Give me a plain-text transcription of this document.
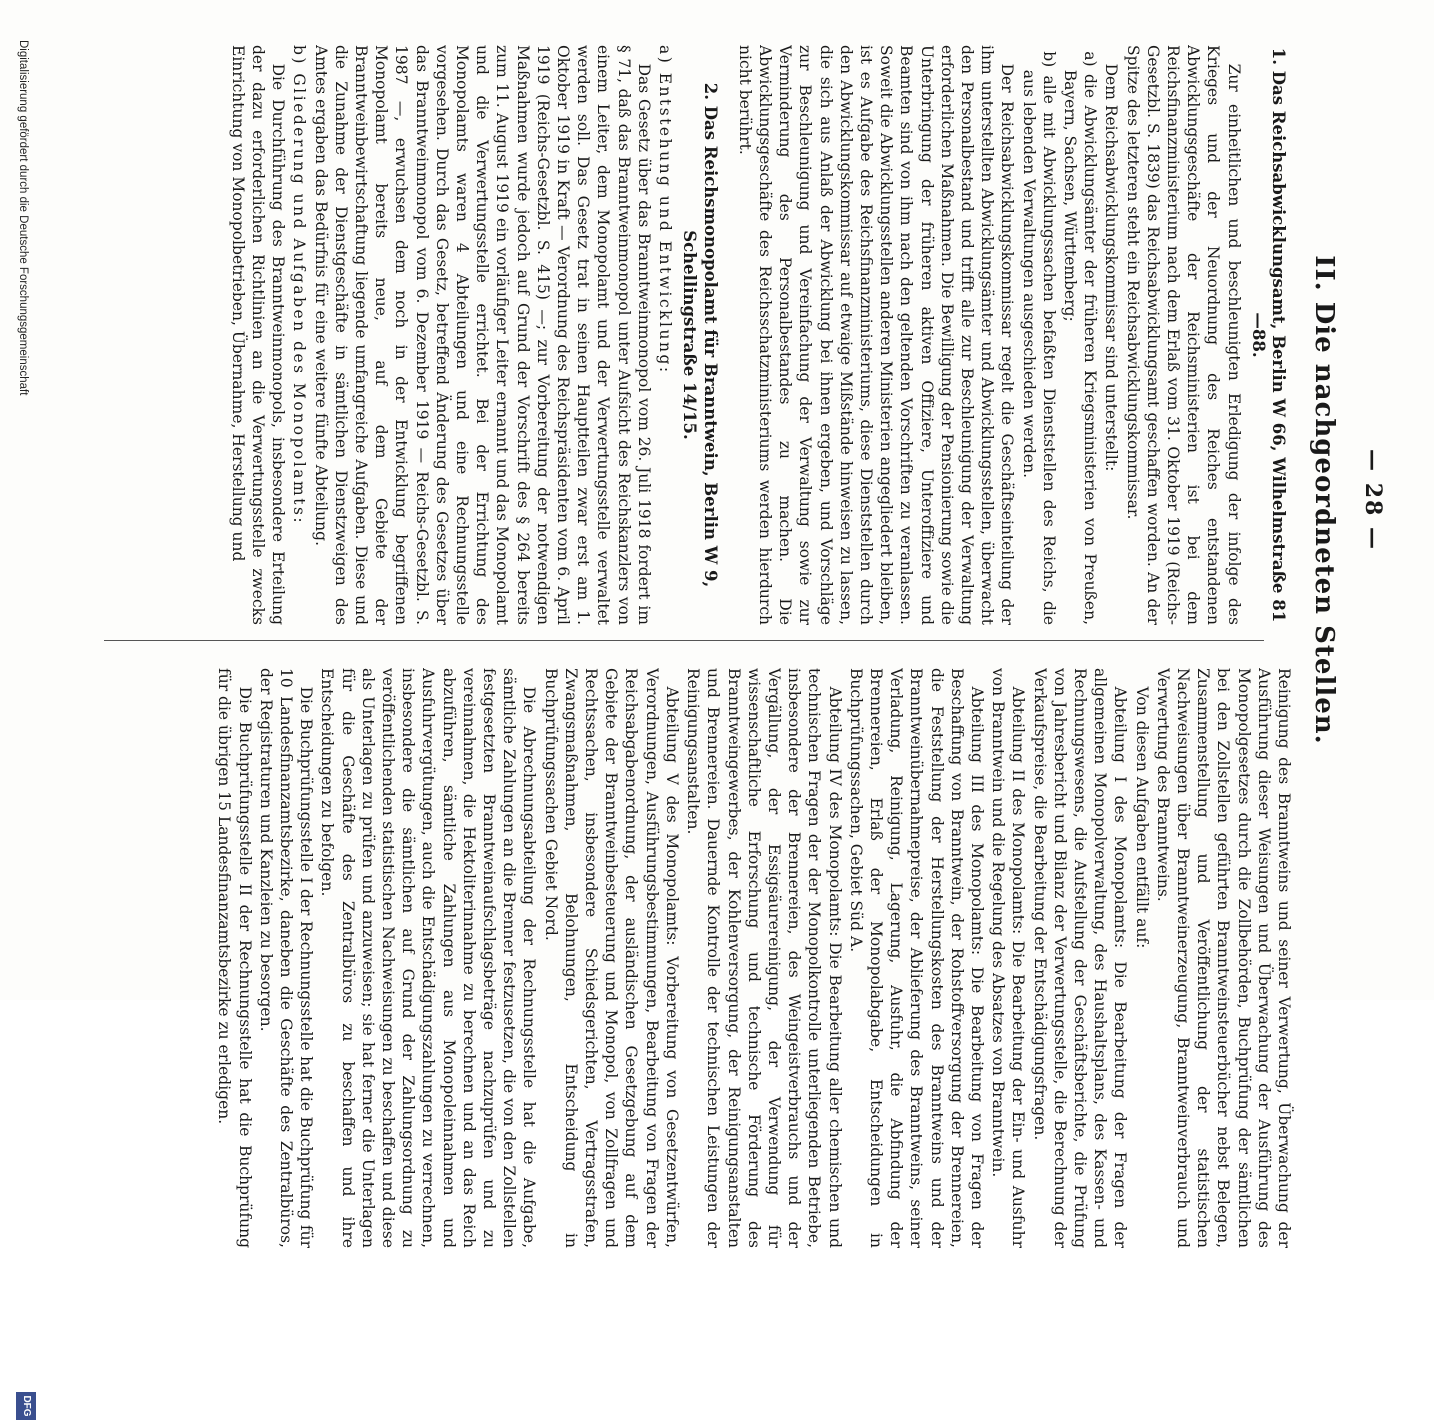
— 28 —
II. Die nachgeordneten Stellen.
1. Das Reichsabwicklungsamt, Berlin W 66, Wilhelmstraße 81—88.

Zur einheitlichen und beschleunigten Erledigung der infolge des Krieges und der Neuordnung des Reiches entstandenen Abwicklungsgeschäfte der Reichsministerien ist bei dem Reichsfinanzministerium nach dem Erlaß vom 31. Oktober 1919 (Reichs-Gesetzbl. S. 1839) das Reichsabwicklungsamt geschaffen worden. An der Spitze des letzteren steht ein Reichsabwicklungskommissar.

Dem Reichsabwicklungskommissar sind unterstellt:

a) die Abwicklungsämter der früheren Kriegsministerien von Preußen, Bayern, Sachsen, Württemberg;

b) alle mit Abwicklungssachen befaßten Dienststellen des Reichs, die aus lebenden Verwaltungen ausgeschieden werden.

Der Reichsabwicklungskommissar regelt die Geschäftseinteilung der ihm unterstellten Abwicklungsämter und Abwicklungsstellen, überwacht den Personalbestand und trifft alle zur Beschleunigung der Verwaltung erforderlichen Maßnahmen. Die Bewilligung der Pensionierung sowie die Unterbringung der früheren aktiven Offiziere, Unteroffiziere und Beamten sind von ihm nach den geltenden Vorschriften zu veranlassen. Soweit die Abwicklungsstellen anderen Ministerien angegliedert bleiben, ist es Aufgabe des Reichsfinanzministeriums, diese Dienststellen durch den Abwicklungskommissar auf etwaige Mißstände hinweisen zu lassen, die sich aus Anlaß der Abwicklung bei ihnen ergeben, und Vorschläge zur Beschleunigung und Vereinfachung der Verwaltung sowie zur Verminderung des Personalbestandes zu machen. Die Abwicklungsgeschäfte des Reichsschatzministeriums werden hierdurch nicht berührt.

2. Das Reichsmonopolamt für Branntwein, Berlin W 9, Schellingstraße 14/15.

a) Entstehung und Entwicklung:

Das Gesetz über das Branntweinmonopol vom 26. Juli 1918 fordert im § 71, daß das Branntweinmonopol unter Aufsicht des Reichskanzlers von einem Leiter, dem Monopolamt und der Verwertungsstelle verwaltet werden soll. Das Gesetz trat in seinen Hauptteilen zwar erst am 1. Oktober 1919 in Kraft — Verordnung des Reichspräsidenten vom 6. April 1919 (Reichs-Gesetzbl. S. 415) —; zur Vorbereitung der notwendigen Maßnahmen wurde jedoch auf Grund der Vorschrift des § 264 bereits zum 11. August 1919 ein vorläufiger Leiter ernannt und das Monopolamt und die Verwertungsstelle errichtet. Bei der Errichtung des Monopolamts waren 4 Abteilungen und eine Rechnungsstelle vorgesehen. Durch das Gesetz, betreffend Änderung des Gesetzes über das Branntweinmonopol vom 6. Dezember 1919 — Reichs-Gesetzbl. S. 1987 —, erwuchsen dem noch in der Entwicklung begriffenen Monopolamt bereits neue, auf dem Gebiete der Branntweinbewirtschaftung liegende umfangreiche Aufgaben. Diese und die Zunahme der Dienstgeschäfte in sämtlichen Dienstzweigen des Amtes ergaben das Bedürfnis für eine weitere fünfte Abteilung.

b) Gliederung und Aufgaben des Monopolamts:

Die Durchführung des Branntweinmonopols, insbesondere Erteilung der dazu erforderlichen Richtlinien an die Verwertungsstelle zwecks Einrichtung von Monopolbetrieben, Übernahme, Herstellung und

Reinigung des Branntweins und seiner Verwertung, Überwachung der Ausführung dieser Weisungen und Überwachung der Ausführung des Monopolgesetzes durch die Zollbehörden, Buchprüfung der sämtlichen bei den Zollstellen geführten Branntweinsteuerbücher nebst Belegen, Zusammenstellung und Veröffentlichung der statistischen Nachweisungen über Branntweinerzeugung, Branntweinverbrauch und Verwertung des Branntweins.

Von diesen Aufgaben entfällt auf:

Abteilung I des Monopolamts: Die Bearbeitung der Fragen der allgemeinen Monopolverwaltung, des Haushaltsplans, des Kassen- und Rechnungswesens, die Aufstellung der Geschäftsberichte, die Prüfung von Jahresbericht und Bilanz der Verwertungsstelle, die Berechnung der Verkaufspreise, die Bearbeitung der Entschädigungsfragen.

Abteilung II des Monopolamts: Die Bearbeitung der Ein- und Ausfuhr von Branntwein und die Regelung des Absatzes von Branntwein.

Abteilung III des Monopolamts: Die Bearbeitung von Fragen der Beschaffung von Branntwein, der Rohstoffversorgung der Brennereien, die Feststellung der Herstellungskosten des Branntweins und der Branntweinübernahmepreise, der Ablieferung des Branntweins, seiner Verladung, Reinigung, Lagerung, Ausfuhr, die Abfindung der Brennereien, Erlaß der Monopolabgabe, Entscheidungen in Buchprüfungssachen, Gebiet Süd A.

Abteilung IV des Monopolamts: Die Bearbeitung aller chemischen und technischen Fragen der der Monopolkontrolle unterliegenden Betriebe, insbesondere der Brennereien, des Weingeistverbrauchs und der Vergällung, der Essigsäurereinigung, der Verwendung für wissenschaftliche Erforschung und technische Förderung des Branntweingewerbes, der Kohlenversorgung, der Reinigungsanstalten und Brennereien. Dauernde Kontrolle der technischen Leistungen der Reinigungsanstalten.

Abteilung V des Monopolamts: Vorbereitung von Gesetzentwürfen, Verordnungen, Ausführungsbestimmungen, Bearbeitung von Fragen der Reichsabgabenordnung, der ausländischen Gesetzgebung auf dem Gebiete der Branntweinbesteuerung und Monopol, von Zollfragen und Rechtssachen, insbesondere Schiedsgerichten, Vertragsstrafen, Zwangsmaßnahmen, Belohnungen, Entscheidung in Buchprüfungssachen Gebiet Nord.

Die Abrechnungsabteilung der Rechnungsstelle hat die Aufgabe, sämtliche Zahlungen an die Brenner festzusetzen, die von den Zollstellen festgesetzten Branntweinaufschlagsbeträge nachzuprüfen und zu vereinnahmen, die Hektoliterinnahme zu berechnen und an das Reich abzuführen, sämtliche Zahlungen aus Monopoleinnahmen und Ausfuhrvergütungen, auch die Entschädigungszahlungen zu verrechnen, insbesondere die sämtlichen auf Grund der Zahlungsordnung zu veröffentlichenden statistischen Nachweisungen zu beschaffen und diese als Unterlagen zu prüfen und anzuweisen; sie hat ferner die Unterlagen für die Geschäfte des Zentralbüros zu beschaffen und ihre Entscheidungen zu befolgen.

Die Buchprüfungsstelle I der Rechnungsstelle hat die Buchprüfung für 10 Landesfinanzamtsbezirke, daneben die Geschäfte des Zentralbüros, der Registraturen und Kanzleien zu besorgen.

Die Buchprüfungsstelle II der Rechnungsstelle hat die Buchprüfung für die übrigen 15 Landesfinanzamtsbezirke zu erledigen.

Digitalisierung gefördert durch die Deutsche Forschungsgemeinschaft
DFG
